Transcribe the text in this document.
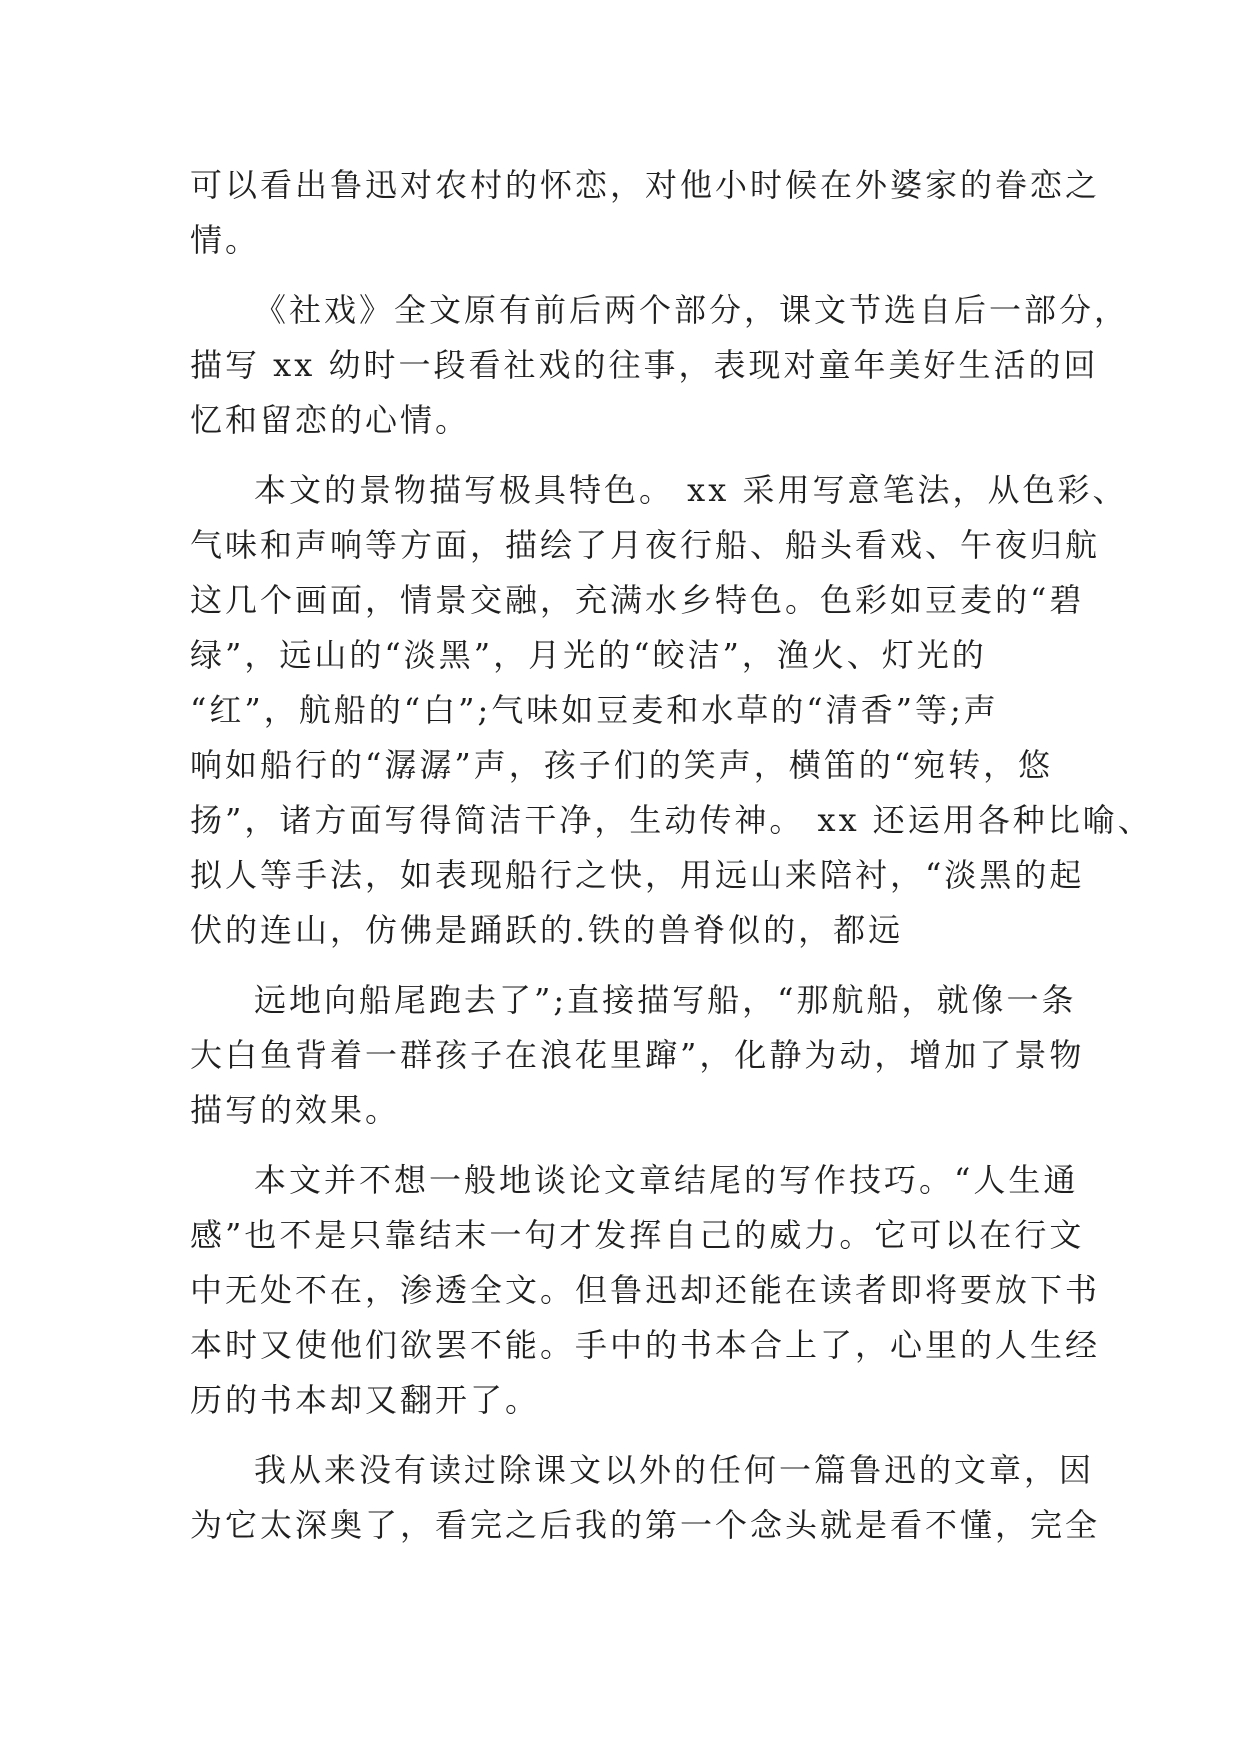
可以看出鲁迅对农村的怀恋，对他小时候在外婆家的眷恋之
情。
《社戏》全文原有前后两个部分，课文节选自后一部分，
描写 xx 幼时一段看社戏的往事，表现对童年美好生活的回
忆和留恋的心情。
本文的景物描写极具特色。 xx 采用写意笔法，从色彩、
气味和声响等方面，描绘了月夜行船、船头看戏、午夜归航
这几个画面，情景交融，充满水乡特色。色彩如豆麦的“碧
绿”，远山的“淡黑”，月光的“皎洁”，渔火、灯光的
“红”，航船的“白”;气味如豆麦和水草的“清香”等;声
响如船行的“潺潺”声，孩子们的笑声，横笛的“宛转，悠
扬”，诸方面写得简洁干净，生动传神。 xx 还运用各种比喻、
拟人等手法，如表现船行之快，用远山来陪衬，“淡黑的起
伏的连山，仿佛是踊跃的.铁的兽脊似的，都远
远地向船尾跑去了”;直接描写船，“那航船，就像一条
大白鱼背着一群孩子在浪花里蹿”，化静为动，增加了景物
描写的效果。
本文并不想一般地谈论文章结尾的写作技巧。“人生通
感”也不是只靠结末一句才发挥自己的威力。它可以在行文
中无处不在，渗透全文。但鲁迅却还能在读者即将要放下书
本时又使他们欲罢不能。手中的书本合上了，心里的人生经
历的书本却又翻开了。
我从来没有读过除课文以外的任何一篇鲁迅的文章，因
为它太深奥了，看完之后我的第一个念头就是看不懂，完全
